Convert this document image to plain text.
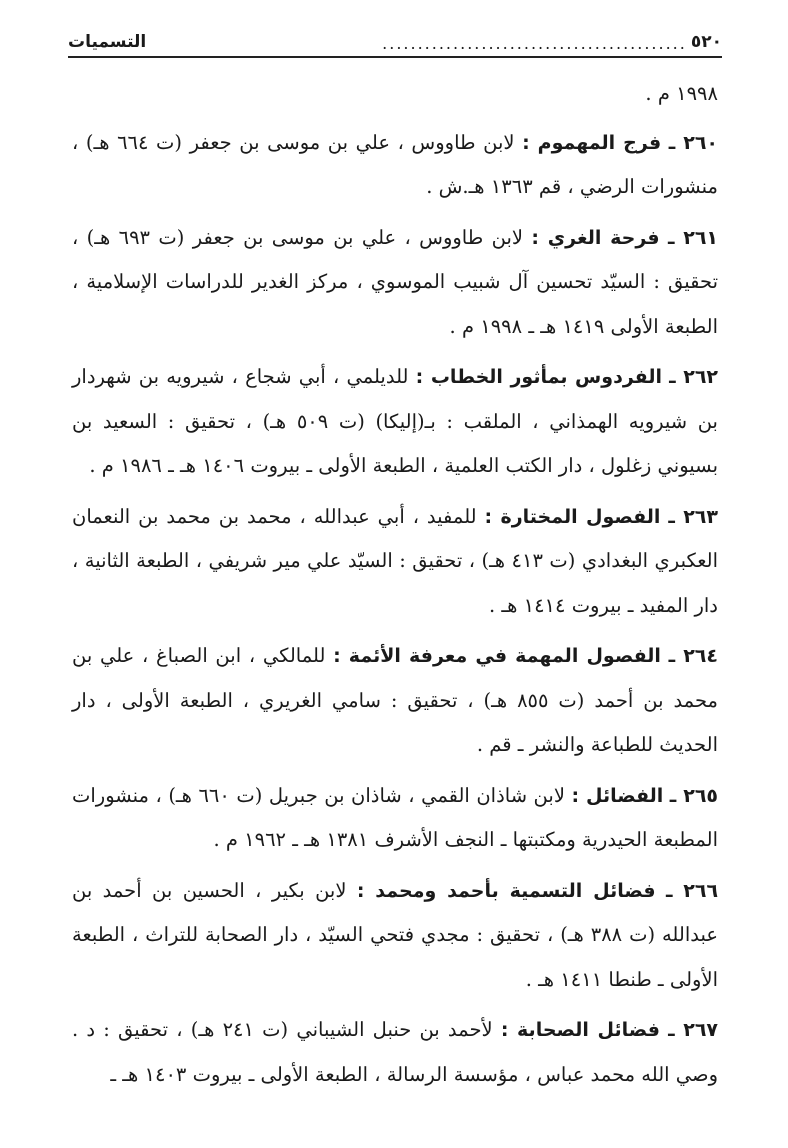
٥٢٠
...........................................
التسميات

١٩٩٨ م .

٢٦٠ ـ فرج المهموم : لابن طاووس ، علي بن موسى بن جعفر (ت ٦٦٤ هـ) ، منشورات الرضي ، قم ١٣٦٣ هـ.ش .

٢٦١ ـ فرحة الغري : لابن طاووس ، علي بن موسى بن جعفر (ت ٦٩٣ هـ) ، تحقيق : السيّد تحسين آل شبيب الموسوي ، مركز الغدير للدراسات الإسلامية ، الطبعة الأولى ١٤١٩ هـ ـ ١٩٩٨ م .

٢٦٢ ـ الفردوس بمأثور الخطاب : للديلمي ، أبي شجاع ، شيرويه بن شهردار بن شيرويه الهمذاني ، الملقب : بـ(إليكا) (ت ٥٠٩ هـ) ، تحقيق : السعيد بن بسيوني زغلول ، دار الكتب العلمية ، الطبعة الأولى ـ بيروت ١٤٠٦ هـ ـ ١٩٨٦ م .

٢٦٣ ـ الفصول المختارة : للمفيد ، أبي عبدالله ، محمد بن محمد بن النعمان العكبري البغدادي (ت ٤١٣ هـ) ، تحقيق : السيّد علي مير شريفي ، الطبعة الثانية ، دار المفيد ـ بيروت ١٤١٤ هـ .

٢٦٤ ـ الفصول المهمة في معرفة الأئمة : للمالكي ، ابن الصباغ ، علي بن محمد بن أحمد (ت ٨٥٥ هـ) ، تحقيق : سامي الغريري ، الطبعة الأولى ، دار الحديث للطباعة والنشر ـ قم .

٢٦٥ ـ الفضائل : لابن شاذان القمي ، شاذان بن جبريل (ت ٦٦٠ هـ) ، منشورات المطبعة الحيدرية ومكتبتها ـ النجف الأشرف ١٣٨١ هـ ـ ١٩٦٢ م .

٢٦٦ ـ فضائل التسمية بأحمد ومحمد : لابن بكير ، الحسين بن أحمد بن عبدالله (ت ٣٨٨ هـ) ، تحقيق : مجدي فتحي السيّد ، دار الصحابة للتراث ، الطبعة الأولى ـ طنطا ١٤١١ هـ .

٢٦٧ ـ فضائل الصحابة : لأحمد بن حنبل الشيباني (ت ٢٤١ هـ) ، تحقيق : د . وصي الله محمد عباس ، مؤسسة الرسالة ، الطبعة الأولى ـ بيروت ١٤٠٣ هـ ـ
